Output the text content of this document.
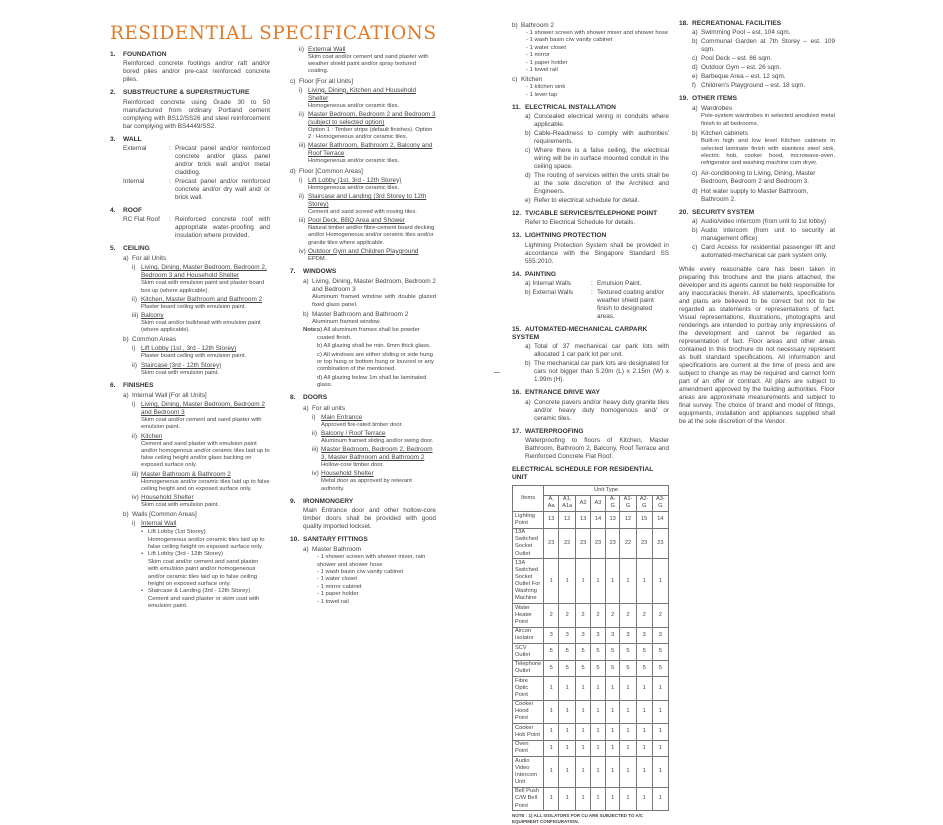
RESIDENTIAL SPECIFICATIONS
1. FOUNDATION
Reinforced concrete footings and/or raft and/or bored piles and/or pre-cast reinforced concrete piles.
2. SUBSTRUCTURE & SUPERSTRUCTURE
Reinforced concrete using Grade 30 to 50 manufactured from ordinary Portland cement complying with BS12/SS26 and steel reinforcement bar complying with BS4449/SS2.
3. WALL
External	: Precast panel and/or reinforced concrete and/or glass panel and/or brick wall and/or metal cladding.
Internal	: Precast panel and/or reinforced concrete and/or dry wall and/ or brick wall.
4. ROOF
RC Flat Roof	: Reinforced concrete roof with appropriate water-proofing and insulation where provided.
5. CEILING
a) For all Units
i) Living, Dining, Master Bedroom, Bedroom 2, Bedroom 3 and Household Shelter
Skim coat with emulsion paint and plaster board box up (where applicable).
ii) Kitchen, Master Bathroom and Bathroom 2
Plaster board ceiling with emulsion paint.
iii) Balcony
Skim coat and/or bulkhead with emulsion paint (where applicable).
b) Common Areas
i) Lift Lobby (1st , 3rd - 12th Storey)
Plaster board ceiling with emulsion paint.
ii) Staircase (3rd - 12th Storey)
Skim coat with emulsion paint.
6. FINISHES
a) Internal Wall [For all Units]
i) Living, Dining, Master Bedroom, Bedroom 2 and Bedroom 3
Skim coat and/or cement and sand plaster with emulsion paint.
ii) Kitchen
Cement and sand plaster with emulsion paint and/or homogenous and/or ceramic tiles laid up to false ceiling height and/or glass backing on exposed surface only.
iii) Master Bathroom & Bathroom 2
Homogeneous and/or ceramic tiles laid up to false ceiling height and on exposed surface only.
iv) Household Shelter
Skim coat with emulsion paint.
b) Walls [Common Areas]
i) Internal Wall
• Lift Lobby (1st Storey)
Homogeneous and/or ceramic tiles laid up to false ceiling height on exposed surface only.
• Lift Lobby (3rd - 12th Storey)
Skim coat and/or cement and sand plaster with emulsion paint and/or homogeneous and/or ceramic tiles laid up to false ceiling height on exposed surface only.
• Staircase & Landing (3rd - 12th Storey)
Cement and sand plaster or skim coat with emulsion paint.
ii) External Wall
Skim coat and/or cement and sand plaster with weather shield paint and/or spray textured coating.
c) Floor [For all Units]
i) Living, Dining, Kitchen and Household Shelter
Homogeneous and/or ceramic tiles.
ii) Master Bedroom, Bedroom 2 and Bedroom 3 (subject to selected option)
Option 1 : Timber strips (default finishes). Option 2 : Homogeneous and/or ceramic tiles.
iii) Master Bathroom, Bathroom 2, Balcony and Roof Terrace
Homogeneous and/or ceramic tiles.
d) Floor [Common Areas]
i) Lift Lobby (1st, 3rd - 12th Storey)
Homogeneous and/or ceramic tiles.
ii) Staircase and Landing (3rd Storey to 12th Storey)
Cement and sand screed with nosing tiles.
iii) Pool Deck, BBQ Area and Shower
Natural timber and/or fibre-cement board decking and/or Homogeneous and/or ceramic tiles and/or granite tiles where applicable.
iv) Outdoor Gym and Children Playground
EPDM.
7. WINDOWS
a) Living, Dining, Master Bedroom, Bedroom 2 and Bedroom 3
Aluminum framed window with double glazed fixed glass panel.
b) Master Bathroom and Bathroom 2
Aluminum framed window.
Note:
a) All aluminum frames shall be powder coated finish.
b) All glazing shall be min. 6mm thick glass.
c) All windows are either sliding or side hung or top hung or bottom hung or louvred or any combination of the mentioned.
d) All glazing below 1m shall be laminated glass.
8. DOORS
a) For all units
i) Main Entrance
Approved fire-rated timber door.
ii) Balcony / Roof Terrace
Aluminum framed sliding and/or swing door.
iii) Master Bedroom, Bedroom 2, Bedroom 3, Master Bathroom and Bathroom 2
Hollow-core timber door.
iv) Household Shelter
Metal door as approved by relevant authority.
9. IRONMONGERY
Main Entrance door and other hollow-core timber doors shall be provided with good quality imported lockset.
10. SANITARY FITTINGS
a) Master Bathroom
- 1 shower screen with shower mixer, rain shower and shower hose
- 1 wash basin c/w vanity cabinet
- 1 water closet
- 1 mirror cabinet
- 1 paper holder
- 1 towel rail
b) Bathroom 2
- 1 shower screen with shower mixer and shower hose
- 1 wash basin c/w vanity cabinet
- 1 water closet
- 1 mirror
- 1 paper holder
- 1 towel rail
c) Kitchen
- 1 kitchen sink
- 1 lever tap
11. ELECTRICAL INSTALLATION
a) Concealed electrical wiring in conduits where applicable.
b) Cable-Readiness to comply with authorities' requirements.
c) Where there is a false ceiling, the electrical wiring will be in surface mounted conduit in the ceiling space.
d) The routing of services within the units shall be at the sole discretion of the Architect and Engineers.
e) Refer to electrical schedule for detail.
12. TV/CABLE SERVICES/TELEPHONE POINT
Refer to Electrical Schedule for details.
13. LIGHTNING PROTECTION
Lightning Protection System shall be provided in accordance with the Singapore Standard SS 555:2010.
14. PAINTING
a) Internal Walls	: Emulsion Paint.
b) External Walls	: Textured coating and/or weather shield paint finish to designated areas.
15. AUTOMATED-MECHANICAL CARPARK SYSTEM
a) Total of 37 mechanical car park lots with allocated 1 car park lot per unit.
b) The mechanical car park lots are designated for cars not bigger than 5.20m (L) x 2.15m (W) x 1.99m (H).
16. ENTRANCE DRIVE WAY
a) Concrete pavers and/or heavy duty granite tiles and/or heavy duty homogenous and/ or ceramic tiles.
17. WATERPROOFING
Waterproofing to floors of Kitchen, Master Bathroom, Bathroom 2, Balcony, Roof Terrace and Reinforced Concrete Flat Roof.
ELECTRICAL SCHEDULE FOR RESIDENTIAL UNIT
Items	Unit Type							
	A, Aa	A1, A1a	A2	A3	A-G	A1-G	A2-G	A3-G
Lighting Point	13	12	13	14	13	12	15	14
13A Switched Socket Outlet	23	22	23	23	23	22	23	23
13A Switched Socket Outlet For Washing Machine	1	1	1	1	1	1	1	1
Water Heater Point	2	2	2	2	2	2	2	2
Aircon Isolator	3	3	3	3	3	3	3	3
SCV Outlet	5	5	5	5	5	5	5	5
Telephone Outlet	5	5	5	5	5	5	5	5
Fibre Optic Point	1	1	1	1	1	1	1	1
Cooker Hood Point	1	1	1	1	1	1	1	1
Cooker Hob Point	1	1	1	1	1	1	1	1
Oven Point	1	1	1	1	1	1	1	1
Audio Video Intercom Unit	1	1	1	1	1	1	1	1
Bell Push C/W Bell Point	1	1	1	1	1	1	1	1
NOTE : 1) ALL ISOLATORS FOR CU ARE SUBJECTED TO A/C EQUIPMENT CONFIGURATION.
18. RECREATIONAL FACILITIES
a) Swimming Pool – est. 104 sqm.
b) Communal Garden at 7th Storey – est. 109 sqm.
c) Pool Deck – est. 86 sqm.
d) Outdoor Gym – est. 26 sqm.
e) Barbeque Area – est. 12 sqm.
f) Children's Playground – est. 18 sqm.
19. OTHER ITEMS
a) Wardrobes
Pole-system wardrobes in selected anodized metal finish to all bedrooms.
b) Kitchen cabinets
Built-in high and low level Kitchen cabinets in selected laminate finish with stainless steel sink, electric hob, cooker hood, microwave-oven, refrigerator and washing machine cum dryer.
c) Air-conditioning to Living, Dining, Master Bedroom, Bedroom 2 and Bedroom 3.
d) Hot water supply to Master Bathroom, Bathroom 2.
20. SECURITY SYSTEM
a) Audio/video intercom (from unit to 1st lobby)
b) Audio intercom (from unit to security at management office)
c) Card Access for residential passenger lift and automated-mechanical car park system only.
While every reasonable care has been taken in preparing this brochure and the plans attached, the developer and its agents cannot be held responsible for any inaccuracies therein. All statements, specifications and plans are believed to be correct but not to be regarded as statements or representations of fact. Visual representations, illustrations, photographs and renderings are intended to portray only impressions of the development and cannot be regarded as representation of fact. Floor areas and other areas contained in this brochure do not necessary represent as built standard specifications. All information and specifications are current at the time of press and are subject to change as may be required and cannot form part of an offer or contract. All plans are subject to amendment approved by the building authorities. Floor areas are approximate measurements and subject to final survey. The choice of brand and model of fittings, equipments, installation and appliances supplied shall be at the sole discretion of the Vendor.
